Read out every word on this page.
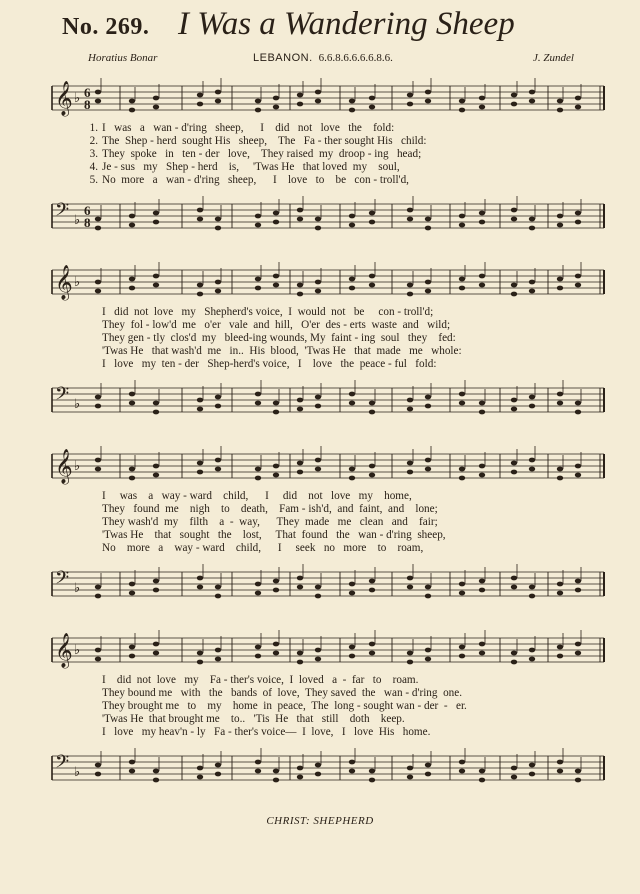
No. 269. I Was a Wandering Sheep
Horatius Bonar	LEBANON. 6.6.8.6.6.6.6.8.6.	J. Zundel
𝄞 ♭ 6
8
1. I   was   a   wan - d'ring   sheep,      I    did   not   love   the    fold:
2. The  Shep - herd  sought His   sheep,    The   Fa - ther sought His   child:
3. They  spoke   in   ten - der   love,    They raised  my  droop - ing   head;
4. Je - sus   my   Shep - herd    is,     'Twas He   that loved  my    soul,
5. No  more   a   wan - d'ring   sheep,      I    love   to    be   con - troll'd,
𝄢 ♭
6
8
𝄞 ♭
I   did  not  love   my   Shepherd's voice,  I  would  not   be     con - troll'd;
They  fol - low'd  me   o'er   vale  and  hill,   O'er  des - erts  waste  and   wild;
They gen - tly  clos'd  my   bleed-ing wounds, My  faint - ing  soul   they    fed:
'Twas He   that wash'd  me   in..  His  blood,  'Twas He   that  made   me   whole:
I   love   my  ten - der   Shep-herd's voice,   I    love   the  peace - ful   fold:
𝄢 ♭
𝄞 ♭
I     was    a   way - ward    child,      I     did    not   love   my    home,
They   found  me    nigh    to    death,    Fam - ish'd,  and  faint,  and    lone;
They wash'd  my    filth    a  -  way,      They  made   me   clean   and    fair;
'Twas He    that   sought   the    lost,     That  found   the   wan - d'ring  sheep,
No    more   a    way - ward    child,      I     seek   no   more    to    roam,
𝄢 ♭
𝄞 ♭
I    did  not  love   my    Fa - ther's voice,  I  loved   a  -  far   to    roam.
They bound me   with   the   bands  of  love,  They saved  the   wan - d'ring  one.
They brought me   to    my    home  in  peace,  The  long - sought wan - der  -   er.
'Twas He  that brought me    to..   'Tis  He   that   still    doth    keep.
I   love   my heav'n - ly   Fa - ther's voice—  I  love,   I   love  His   home.
𝄢 ♭
CHRIST: SHEPHERD
